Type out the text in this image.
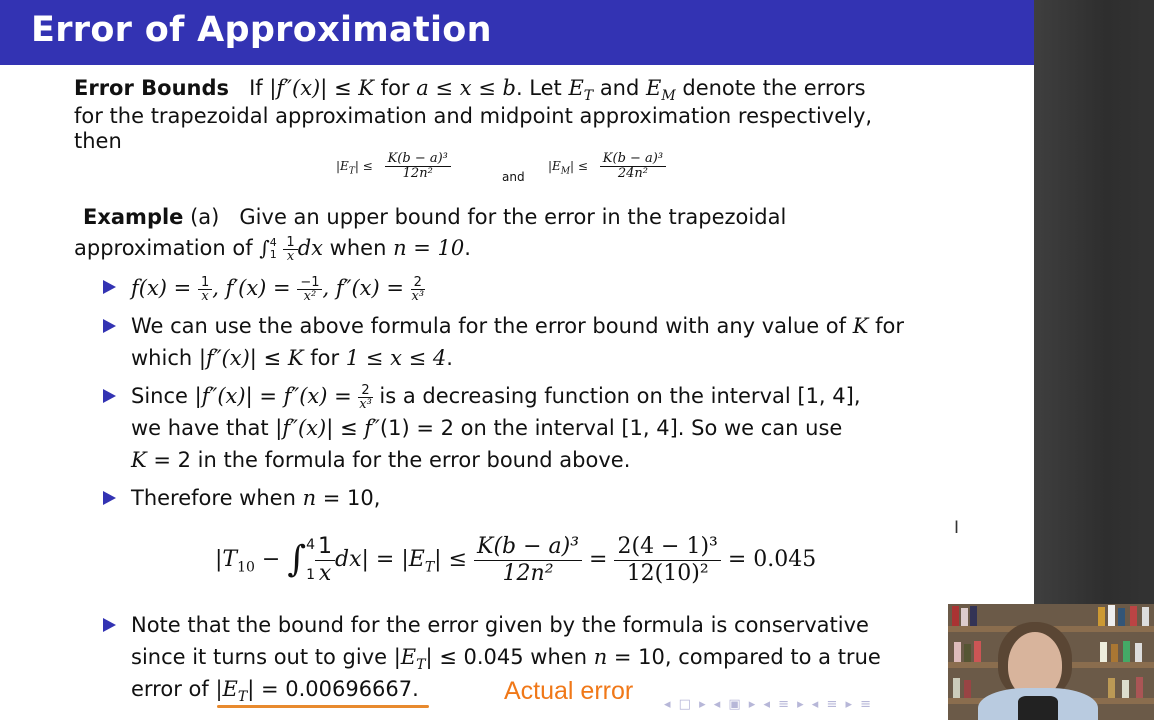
Error of Approximation
Error Bounds If |f″(x)| ≤ K for a ≤ x ≤ b. Let $E_T$ and $E_M$ denote the errors
for the trapezoidal approximation and midpoint approximation respectively,
then
$|E_T| \le \frac{\text{K(b − a)³}}{\text{12n²}}$	and
$|E_M| \le \frac{\text{K(b − a)³}}{\text{24n²}}$
Example (a) Give an upper bound for the error in the trapezoidal
approximation of ∫ 4
1
$\frac{1}{x}$ dx when n = 10.
$f(x) = \frac{1}{x}$ , $f'(x) = \frac{-1}{\text{x²}}$ , $f''(x) = \frac{2}{\text{x³}}$
We can use the above formula for the error bound with any value of K for
which |f″(x)| ≤ K for 1 ≤ x ≤ 4.
Since $|f''(x)| = f''(x) = \frac{2}{\text{x³}}$ is a decreasing function on the interval [1, 4],
we have that |f″(x)| ≤ f″(1) = 2 on the interval [1, 4]. So we can use
K = 2 in the formula for the error bound above.
Therefore when n = 10,
$|T_{10}$ − ∫ 4
$1 \frac{1}{x} dx| = |E_T| \le \frac{\text{K(b − a)³}}{\text{12n²}} = \frac{\text{2(4 − 1)³}}{\text{12(10)²}} = 0.045$
Note that the bound for the error given by the formula is conservative
since it turns out to give $|E_T| \le 0.045$ when n = 10, compared to a true
error of $|E_T| = 0.00696667$.	Actual error ◂ □ ▸ ◂ ▣ ▸ ◂ ≡ ▸ ◂ ≡ ▸ ≡
I
